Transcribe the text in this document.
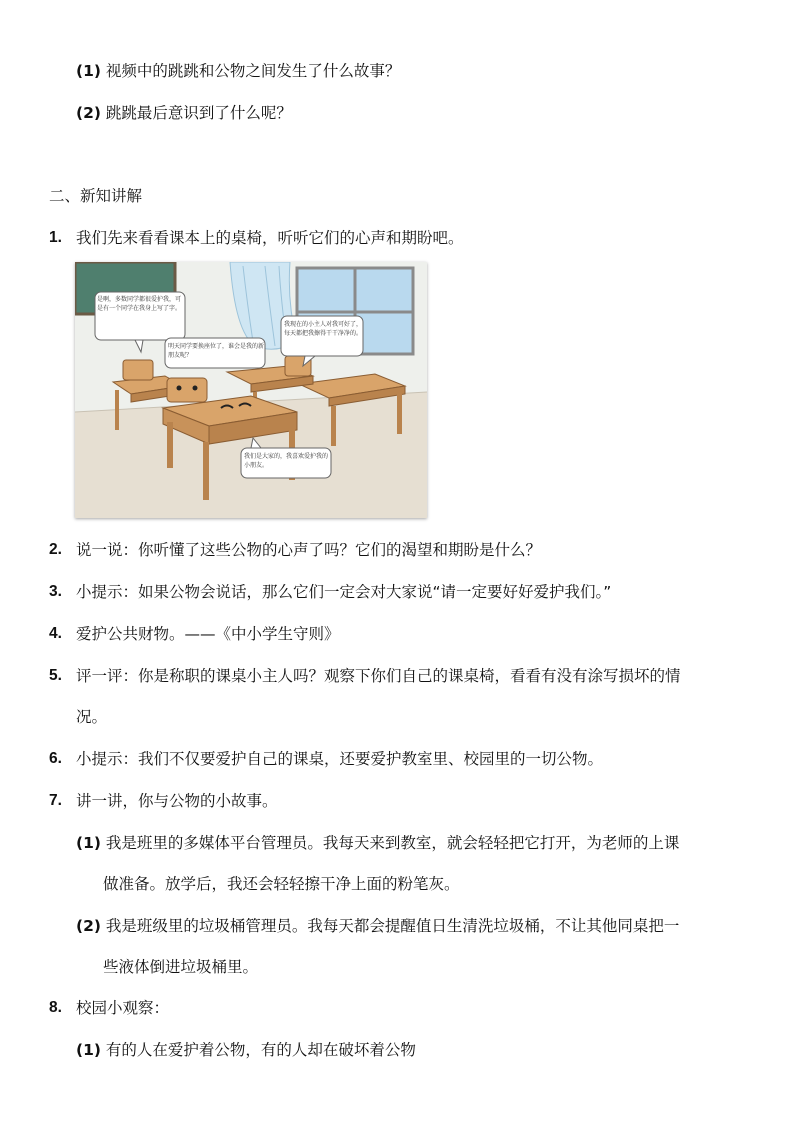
(1) 视频中的跳跳和公物之间发生了什么故事？
(2) 跳跳最后意识到了什么呢？
二、新知讲解
1. 我们先来看看课本上的桌椅，听听它们的心声和期盼吧。
是啊，多数同学都很爱护我，可是有一个同学在我身上写了字。
明天同学要换座位了，谁会是我的新朋友呢？
我现在的小主人对我可好了，每天都把我擦得干干净净的。
我们是大家的，我喜欢爱护我的小朋友。
2. 说一说：你听懂了这些公物的心声了吗？它们的渴望和期盼是什么？
3. 小提示：如果公物会说话，那么它们一定会对大家说“请一定要好好爱护我们。”
4. 爱护公共财物。——《中小学生守则》
5. 评一评：你是称职的课桌小主人吗？观察下你们自己的课桌椅，看看有没有涂写损坏的情
况。
6. 小提示：我们不仅要爱护自己的课桌，还要爱护教室里、校园里的一切公物。
7. 讲一讲，你与公物的小故事。
(1) 我是班里的多媒体平台管理员。我每天来到教室，就会轻轻把它打开，为老师的上课
做准备。放学后，我还会轻轻擦干净上面的粉笔灰。
(2) 我是班级里的垃圾桶管理员。我每天都会提醒值日生清洗垃圾桶，不让其他同桌把一
些液体倒进垃圾桶里。
8. 校园小观察：
(1) 有的人在爱护着公物，有的人却在破坏着公物
